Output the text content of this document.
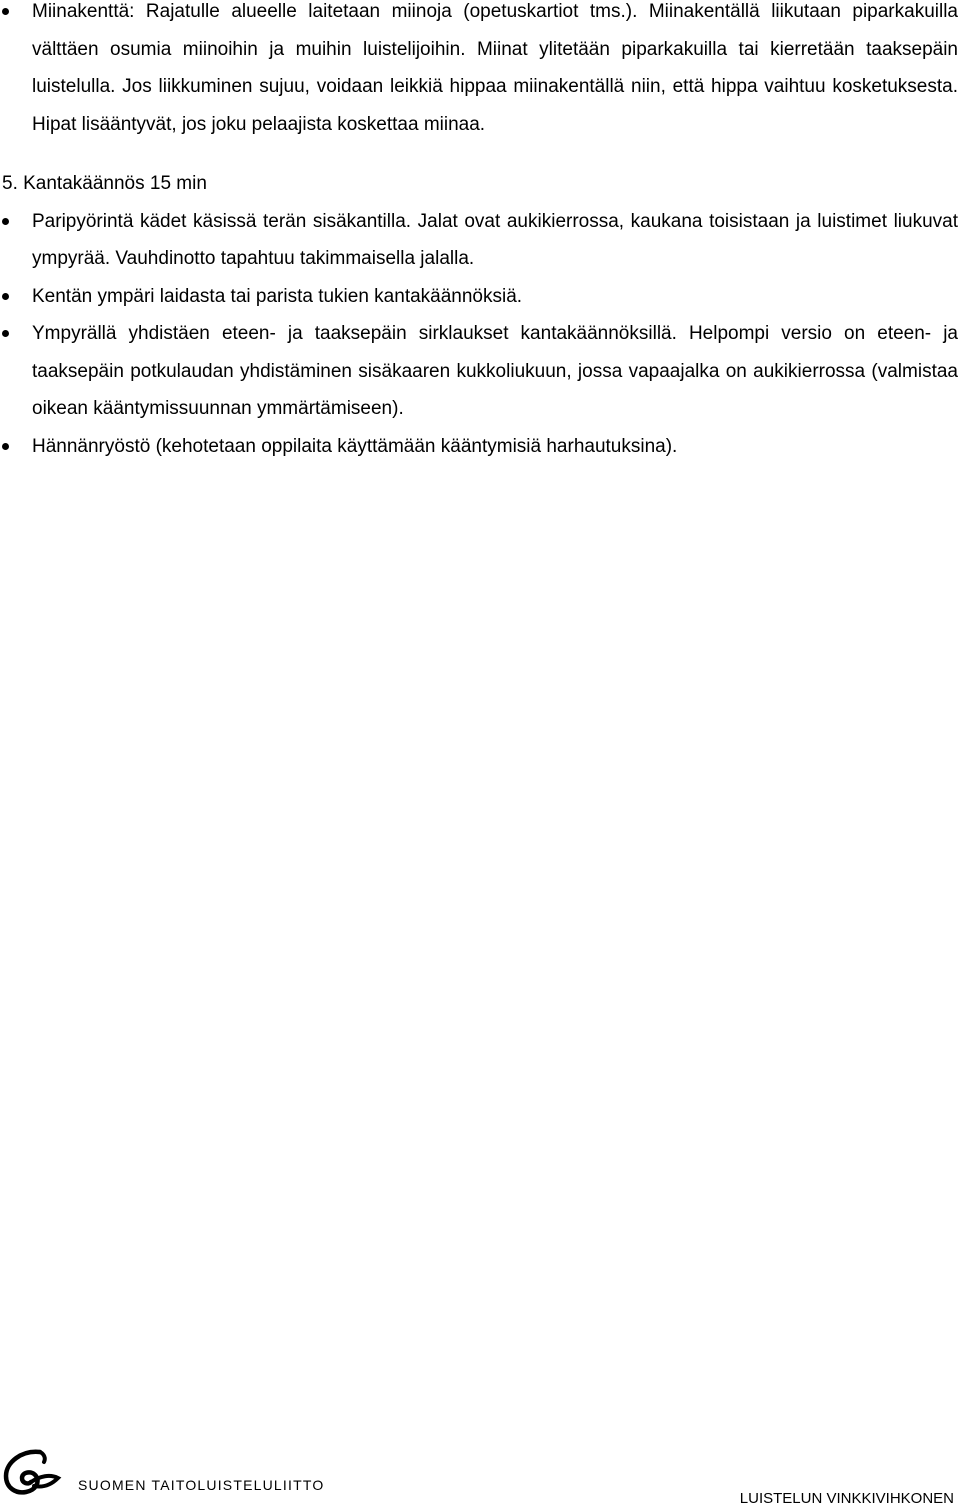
Miinakenttä: Rajatulle alueelle laitetaan miinoja (opetuskartiot tms.). Miinakentällä liikutaan piparkakuilla välttäen osumia miinoihin ja muihin luistelijoihin. Miinat ylitetään piparkakuilla tai kierretään taaksepäin luistelulla. Jos liikkuminen sujuu, voidaan leikkiä hippaa miinakentällä niin, että hippa vaihtuu kosketuksesta. Hipat lisääntyvät, jos joku pelaajista koskettaa miinaa.
5. Kantakäännös 15 min
Paripyörintä kädet käsissä terän sisäkantilla. Jalat ovat aukikierrossa, kaukana toisistaan ja luistimet liukuvat ympyrää. Vauhdinotto tapahtuu takimmaisella jalalla.
Kentän ympäri laidasta tai parista tukien kantakäännöksiä.
Ympyrällä yhdistäen eteen- ja taaksepäin sirklaukset kantakäännöksillä. Helpompi versio on eteen- ja taaksepäin potkulaudan yhdistäminen sisäkaaren kukkoliukuun, jossa vapaajalka on aukikierrossa (valmistaa oikean kääntymissuunnan ymmärtämiseen).
Hännänryöstö (kehotetaan oppilaita käyttämään kääntymisiä harhautuksina).
SUOMEN TAITOLUISTELULIITTO
LUISTELUN VINKKIVIHKONEN
